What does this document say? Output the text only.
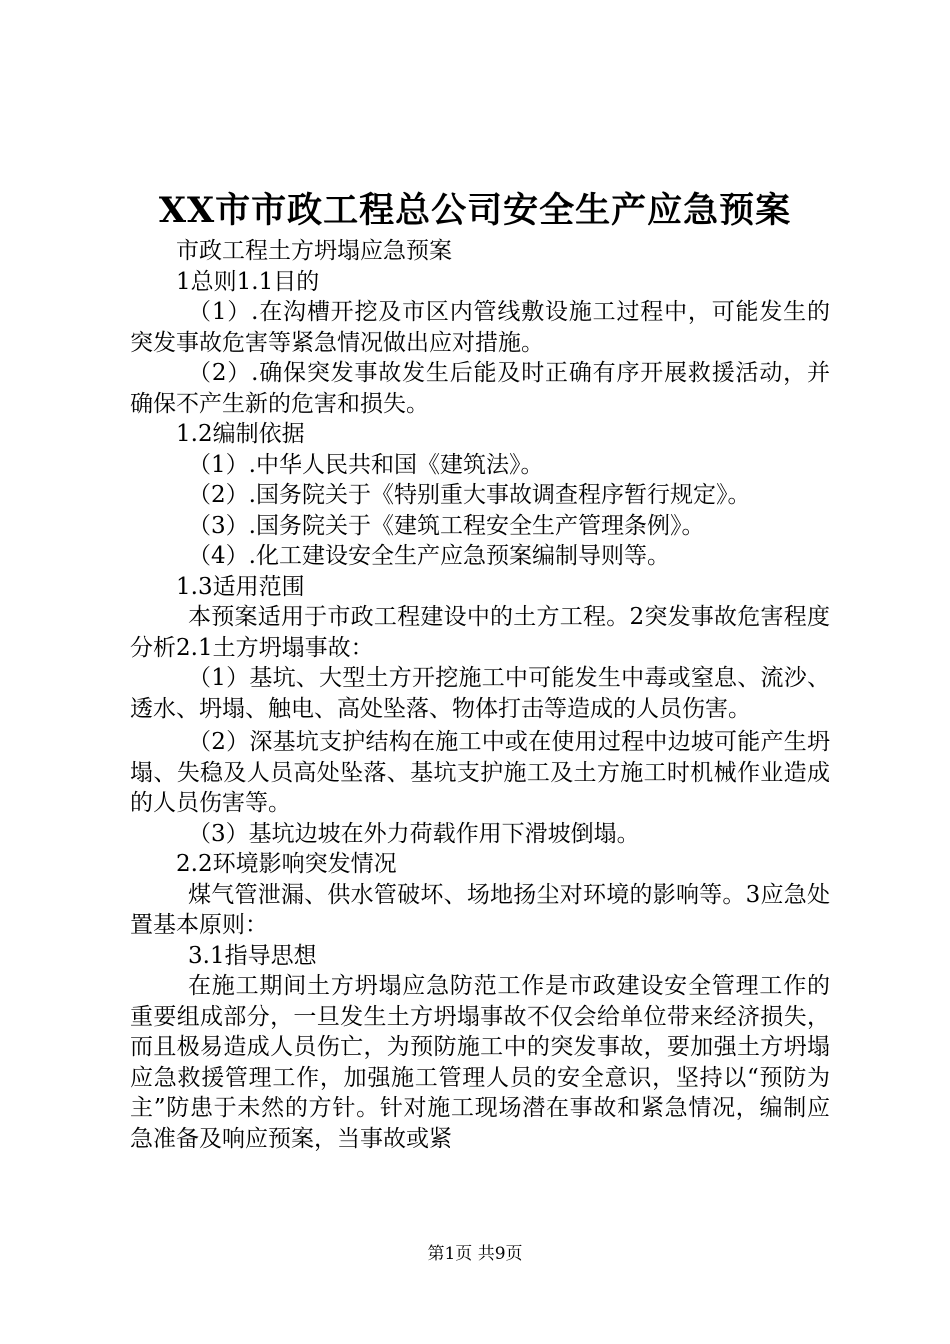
XX市市政工程总公司安全生产应急预案

市政工程土方坍塌应急预案

1总则1.1目的

（1）.在沟槽开挖及市区内管线敷设施工过程中，可能发生的突发事故危害等紧急情况做出应对措施。

（2）.确保突发事故发生后能及时正确有序开展救援活动，并确保不产生新的危害和损失。

1.2编制依据

（1）.中华人民共和国《建筑法》。

（2）.国务院关于《特别重大事故调查程序暂行规定》。

（3）.国务院关于《建筑工程安全生产管理条例》。

（4）.化工建设安全生产应急预案编制导则等。

1.3适用范围

本预案适用于市政工程建设中的土方工程。2突发事故危害程度分析2.1土方坍塌事故：

（1）基坑、大型土方开挖施工中可能发生中毒或窒息、流沙、透水、坍塌、触电、高处坠落、物体打击等造成的人员伤害。

（2）深基坑支护结构在施工中或在使用过程中边坡可能产生坍塌、失稳及人员高处坠落、基坑支护施工及土方施工时机械作业造成的人员伤害等。

（3）基坑边坡在外力荷载作用下滑坡倒塌。

2.2环境影响突发情况

煤气管泄漏、供水管破坏、场地扬尘对环境的影响等。3应急处置基本原则：

3.1指导思想

在施工期间土方坍塌应急防范工作是市政建设安全管理工作的重要组成部分，一旦发生土方坍塌事故不仅会给单位带来经济损失，而且极易造成人员伤亡，为预防施工中的突发事故，要加强土方坍塌应急救援管理工作，加强施工管理人员的安全意识，坚持以“预防为主”防患于未然的方针。针对施工现场潜在事故和紧急情况，编制应急准备及响应预案，当事故或紧

第1页 共9页
